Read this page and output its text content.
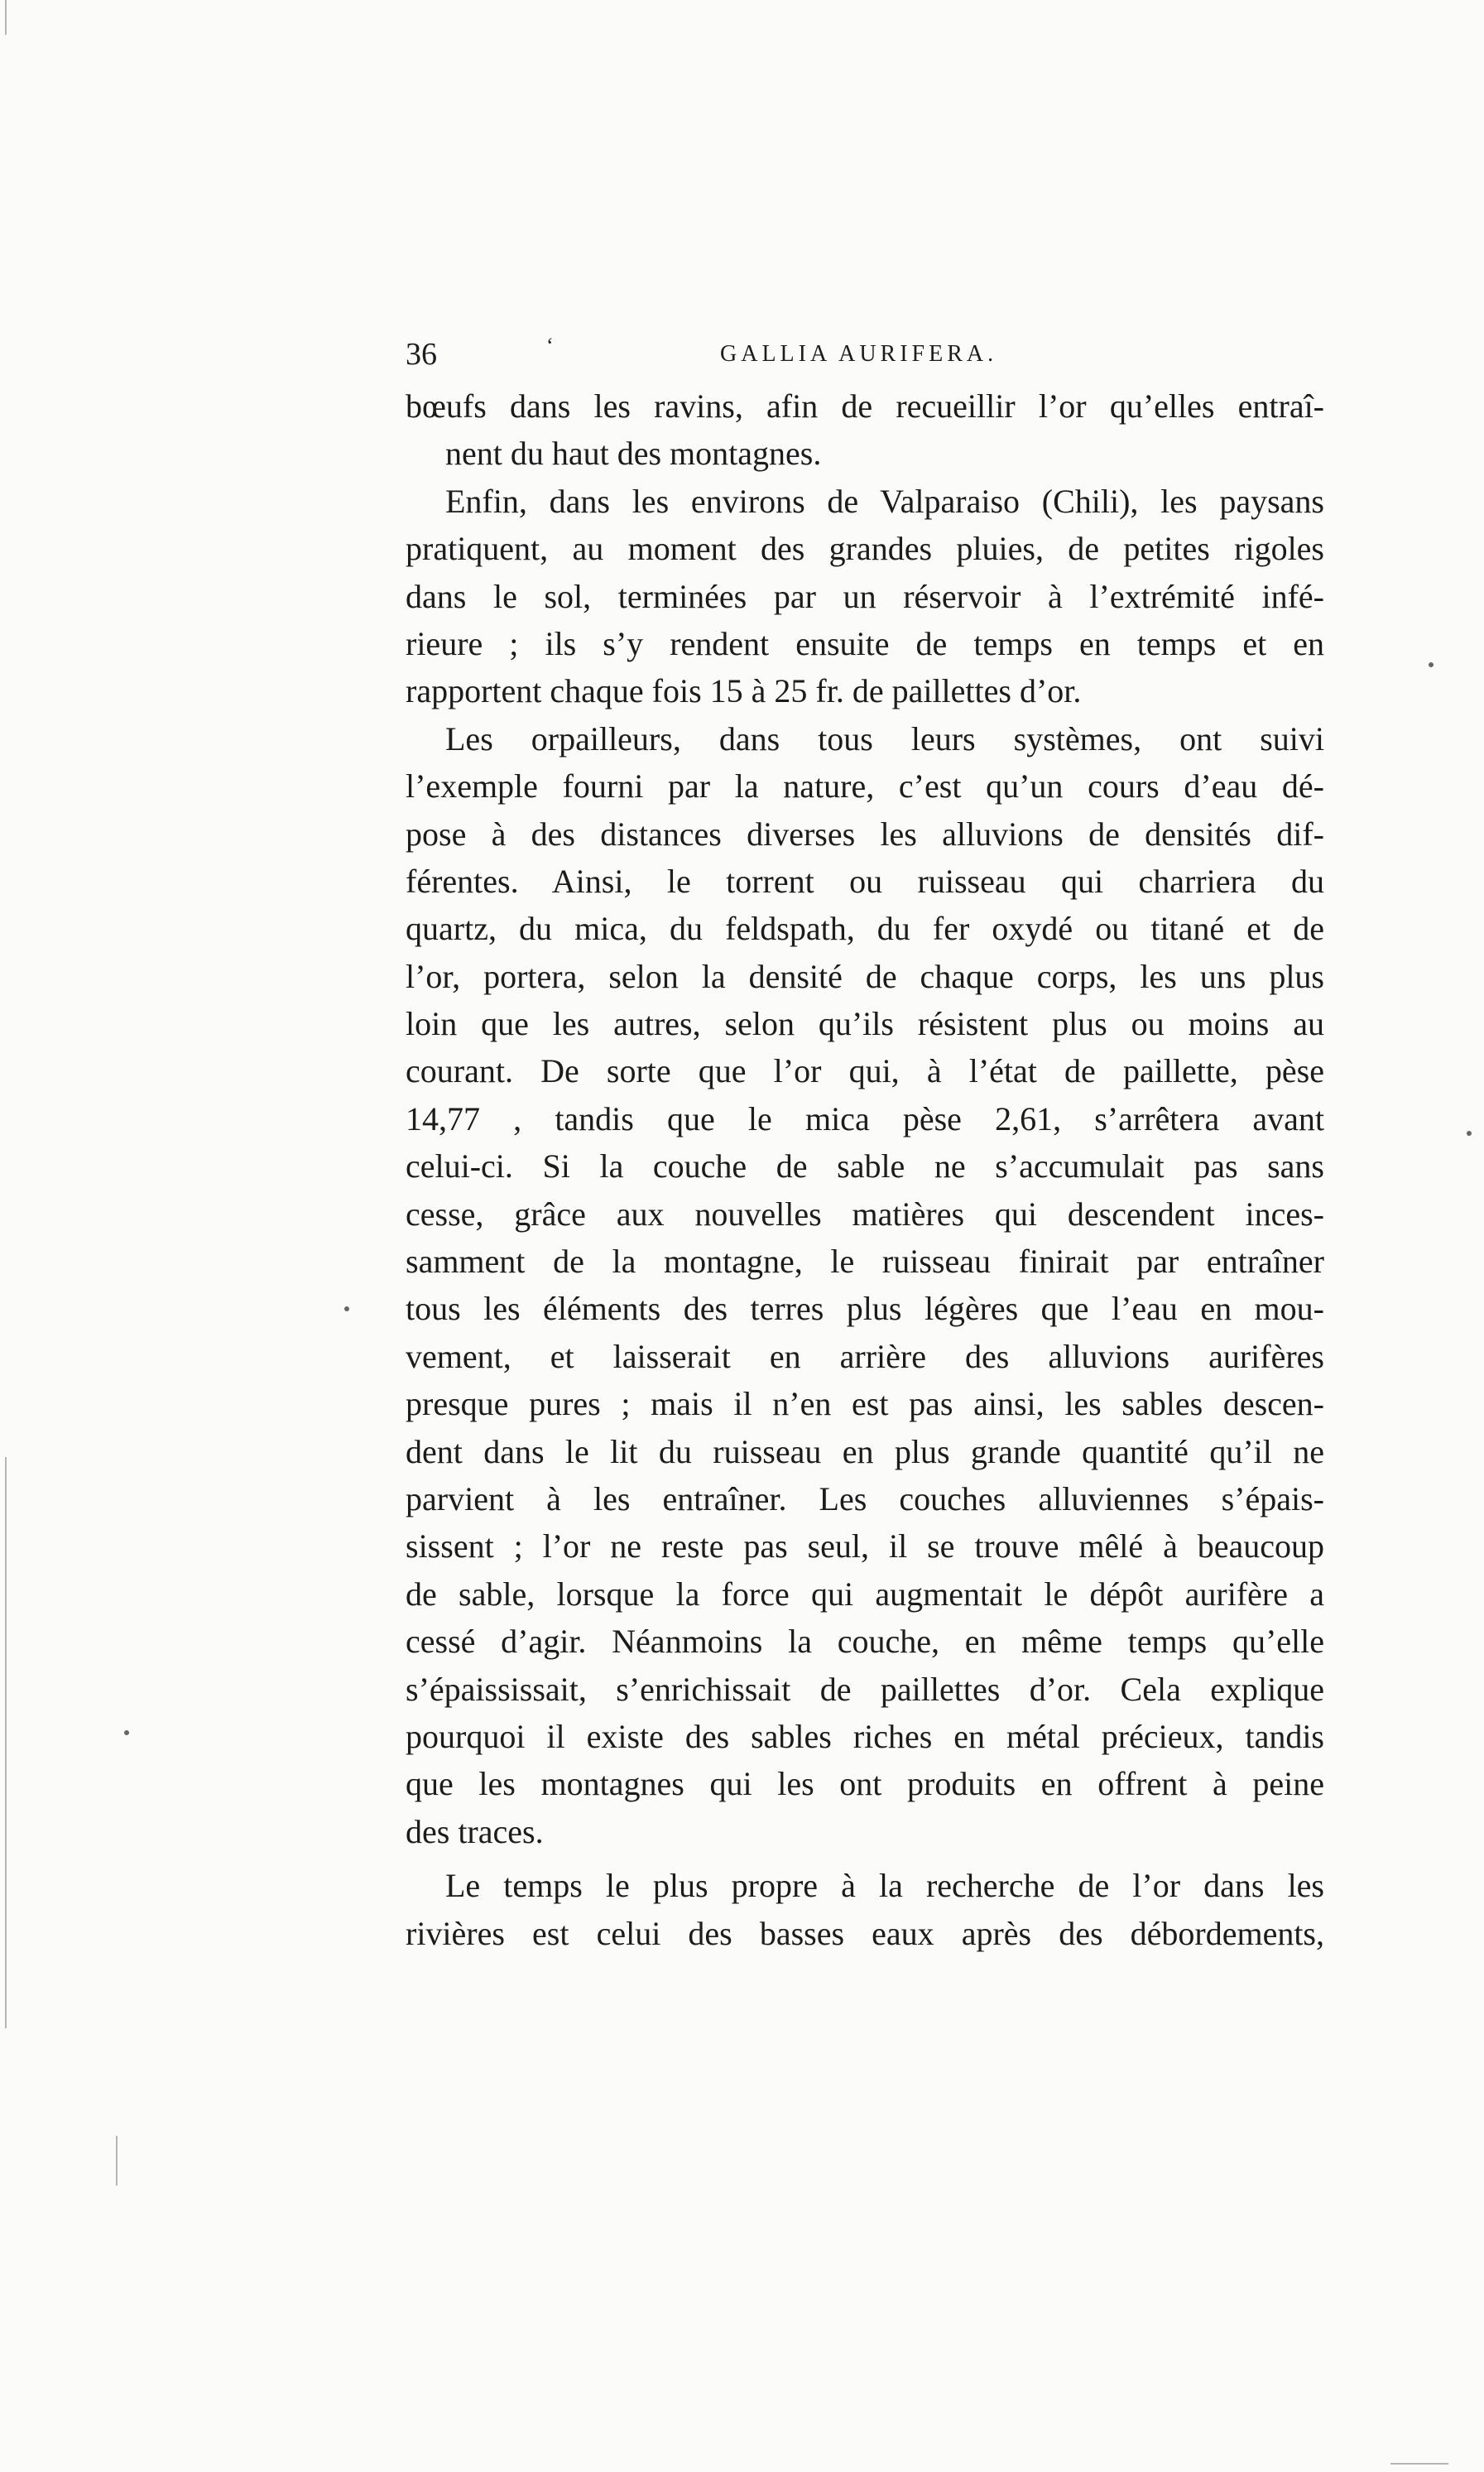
36	‘	GALLIA AURIFERA.
bœufs dans les ravins, afin de recueillir l’or qu’elles entraî-
nent du haut des montagnes.
Enfin, dans les environs de Valparaiso (Chili), les paysans
pratiquent, au moment des grandes pluies, de petites rigoles
dans le sol, terminées par un réservoir à l’extrémité infé-
rieure ; ils s’y rendent ensuite de temps en temps et en
rapportent chaque fois 15 à 25 fr. de paillettes d’or.
Les orpailleurs, dans tous leurs systèmes, ont suivi
l’exemple fourni par la nature, c’est qu’un cours d’eau dé-
pose à des distances diverses les alluvions de densités dif-
férentes. Ainsi, le torrent ou ruisseau qui charriera du
quartz, du mica, du feldspath, du fer oxydé ou titané et de
l’or, portera, selon la densité de chaque corps, les uns plus
loin que les autres, selon qu’ils résistent plus ou moins au
courant. De sorte que l’or qui, à l’état de paillette, pèse
14,77 , tandis que le mica pèse 2,61, s’arrêtera avant
celui-ci. Si la couche de sable ne s’accumulait pas sans
cesse, grâce aux nouvelles matières qui descendent inces-
samment de la montagne, le ruisseau finirait par entraîner
tous les éléments des terres plus légères que l’eau en mou-
vement, et laisserait en arrière des alluvions aurifères
presque pures ; mais il n’en est pas ainsi, les sables descen-
dent dans le lit du ruisseau en plus grande quantité qu’il ne
parvient à les entraîner. Les couches alluviennes s’épais-
sissent ; l’or ne reste pas seul, il se trouve mêlé à beaucoup
de sable, lorsque la force qui augmentait le dépôt aurifère a
cessé d’agir. Néanmoins la couche, en même temps qu’elle
s’épaississait, s’enrichissait de paillettes d’or. Cela explique
pourquoi il existe des sables riches en métal précieux, tandis
que les montagnes qui les ont produits en offrent à peine
des traces.
Le temps le plus propre à la recherche de l’or dans les
rivières est celui des basses eaux après des débordements,
